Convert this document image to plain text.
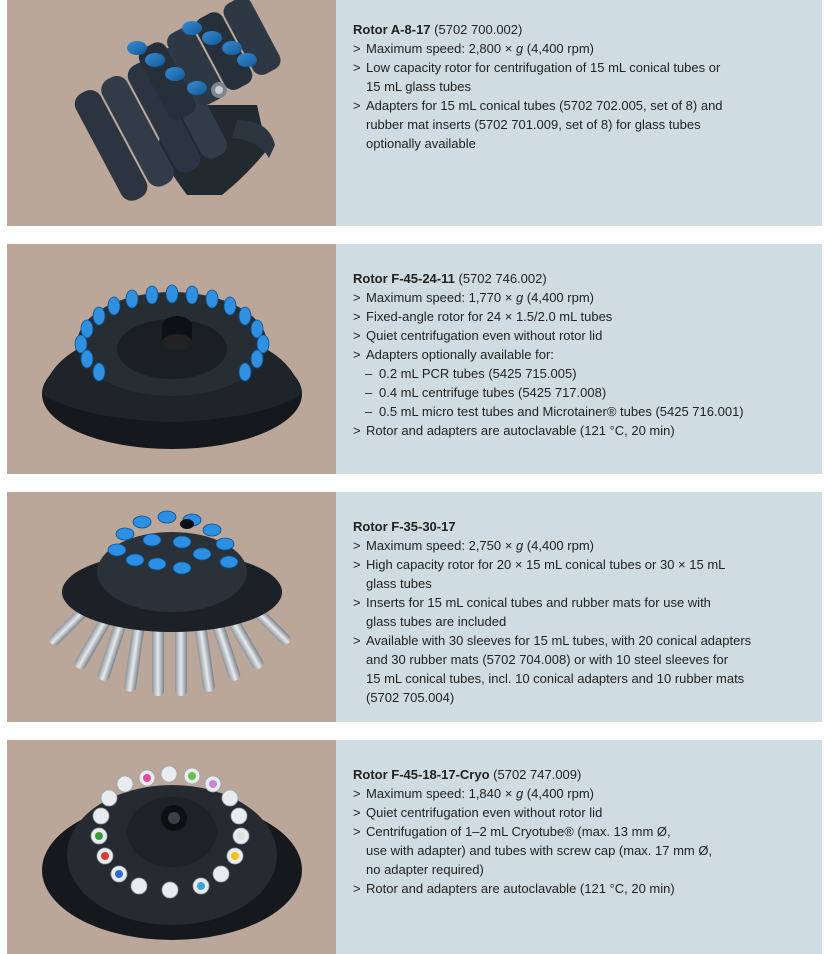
Rotor A-8-17 (5702 700.002)
> Maximum speed: 2,800 × g (4,400 rpm)
> Low capacity rotor for centrifugation of 15 mL conical tubes or
15 mL glass tubes
> Adapters for 15 mL conical tubes (5702 702.005, set of 8) and
rubber mat inserts (5702 701.009, set of 8) for glass tubes
optionally available
Rotor F-45-24-11 (5702 746.002)
> Maximum speed: 1,770 × g (4,400 rpm)
> Fixed-angle rotor for 24 × 1.5/2.0 mL tubes
> Quiet centrifugation even without rotor lid
> Adapters optionally available for:
– 0.2 mL PCR tubes (5425 715.005)
– 0.4 mL centrifuge tubes (5425 717.008)
– 0.5 mL micro test tubes and Microtainer® tubes (5425 716.001)
> Rotor and adapters are autoclavable (121 °C, 20 min)
Rotor F-35-30-17
> Maximum speed: 2,750 × g (4,400 rpm)
> High capacity rotor for 20 × 15 mL conical tubes or 30 × 15 mL
glass tubes
> Inserts for 15 mL conical tubes and rubber mats for use with
glass tubes are included
> Available with 30 sleeves for 15 mL tubes, with 20 conical adapters
and 30 rubber mats (5702 704.008) or with 10 steel sleeves for
15 mL conical tubes, incl. 10 conical adapters and 10 rubber mats
(5702 705.004)
Rotor F-45-18-17-Cryo (5702 747.009)
> Maximum speed: 1,840 × g (4,400 rpm)
> Quiet centrifugation even without rotor lid
> Centrifugation of 1–2 mL Cryotube® (max. 13 mm Ø,
use with adapter) and tubes with screw cap (max. 17 mm Ø,
no adapter required)
> Rotor and adapters are autoclavable (121 °C, 20 min)
